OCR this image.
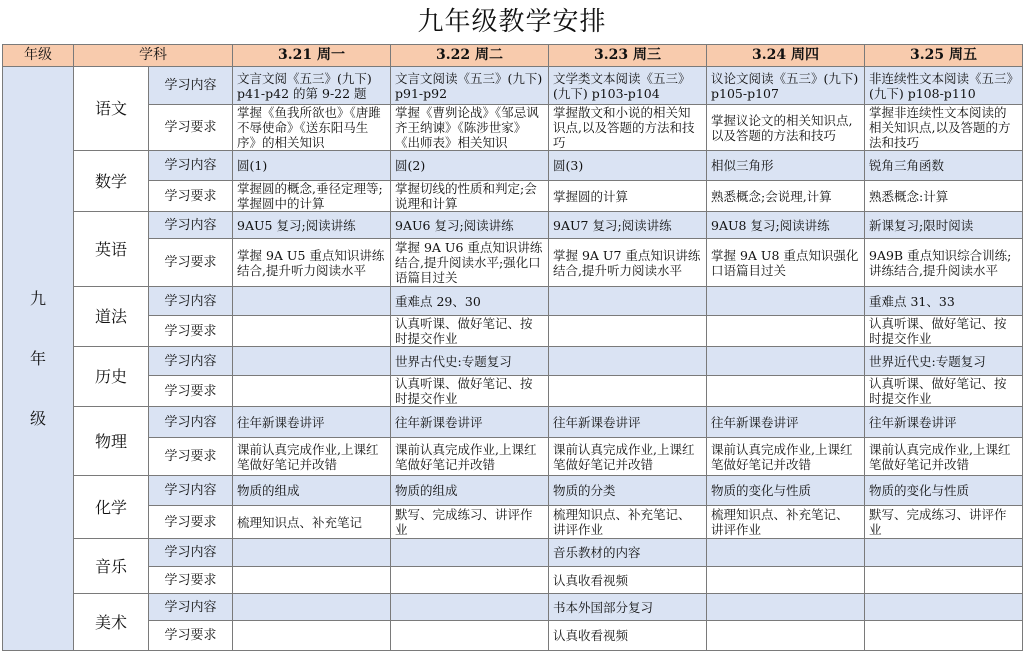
九年级教学安排
年级	学科		3.21 周一	3.22 周二	3.23 周三	3.24 周四	3.25 周五

九
年
级	语文	学习内容	文言文阅《五三》(九下) p41-p42 的第 9-22 题	文言文阅读《五三》(九下) p91-p92	文学类文本阅读《五三》(九下) p103-p104	议论文阅读《五三》(九下) p105-p107	非连续性文本阅读《五三》(九下) p108-p110
		学习要求	掌握《鱼我所欲也》《唐雎不辱使命》《送东阳马生序》的相关知识	掌握《曹刿论战》《邹忌讽齐王纳谏》《陈涉世家》《出师表》相关知识	掌握散文和小说的相关知识点,以及答题的方法和技巧	掌握议论文的相关知识点,以及答题的方法和技巧	掌握非连续性文本阅读的相关知识点,以及答题的方法和技巧
	数学	学习内容	圆(1)	圆(2)	圆(3)	相似三角形	锐角三角函数
		学习要求	掌握圆的概念,垂径定理等;掌握圆中的计算	掌握切线的性质和判定;会说理和计算	掌握圆的计算	熟悉概念;会说理,计算	熟悉概念:计算
	英语	学习内容	9AU5 复习;阅读讲练	9AU6 复习;阅读讲练	9AU7 复习;阅读讲练	9AU8 复习;阅读讲练	新课复习;限时阅读
		学习要求	掌握 9A U5 重点知识讲练结合,提升听力阅读水平	掌握 9A U6 重点知识讲练结合,提升阅读水平;强化口语篇目过关	掌握 9A U7 重点知识讲练结合,提升听力阅读水平	掌握 9A U8 重点知识强化口语篇目过关	9A9B 重点知识综合训练;讲练结合,提升阅读水平
	道法	学习内容		重难点 29、30			重难点 31、33
		学习要求		认真听课、做好笔记、按时提交作业			认真听课、做好笔记、按时提交作业
	历史	学习内容		世界古代史:专题复习			世界近代史:专题复习
		学习要求		认真听课、做好笔记、按时提交作业			认真听课、做好笔记、按时提交作业
	物理	学习内容	往年新课卷讲评	往年新课卷讲评	往年新课卷讲评	往年新课卷讲评	往年新课卷讲评
		学习要求	课前认真完成作业,上课红笔做好笔记并改错	课前认真完成作业,上课红笔做好笔记并改错	课前认真完成作业,上课红笔做好笔记并改错	课前认真完成作业,上课红笔做好笔记并改错	课前认真完成作业,上课红笔做好笔记并改错
	化学	学习内容	物质的组成	物质的组成	物质的分类	物质的变化与性质	物质的变化与性质
		学习要求	梳理知识点、补充笔记	默写、完成练习、讲评作业	梳理知识点、补充笔记、讲评作业	梳理知识点、补充笔记、讲评作业	默写、完成练习、讲评作业
	音乐	学习内容			音乐教材的内容		
		学习要求			认真收看视频		
	美术	学习内容			书本外国部分复习		
		学习要求			认真收看视频		
